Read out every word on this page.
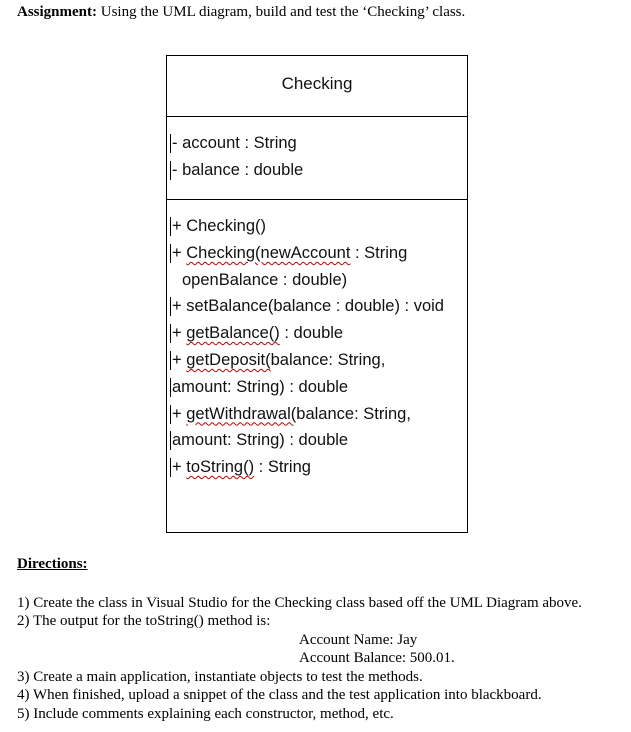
Assignment: Using the UML diagram, build and test the ‘Checking’ class.
Checking
- account : String
- balance : double
+ Checking()
+ Checking(newAccount : String
openBalance : double)
+ setBalance(balance : double) : void
+ getBalance() : double
+ getDeposit(balance: String,
amount: String) : double
+ getWithdrawal(balance: String,
amount: String) : double
+ toString() : String
Directions:
1) Create the class in Visual Studio for the Checking class based off the UML Diagram above.
2) The output for the toString() method is:
Account Name: Jay
Account Balance: 500.01.
3) Create a main application, instantiate objects to test the methods.
4) When finished, upload a snippet of the class and the test application into blackboard.
5) Include comments explaining each constructor, method, etc.
